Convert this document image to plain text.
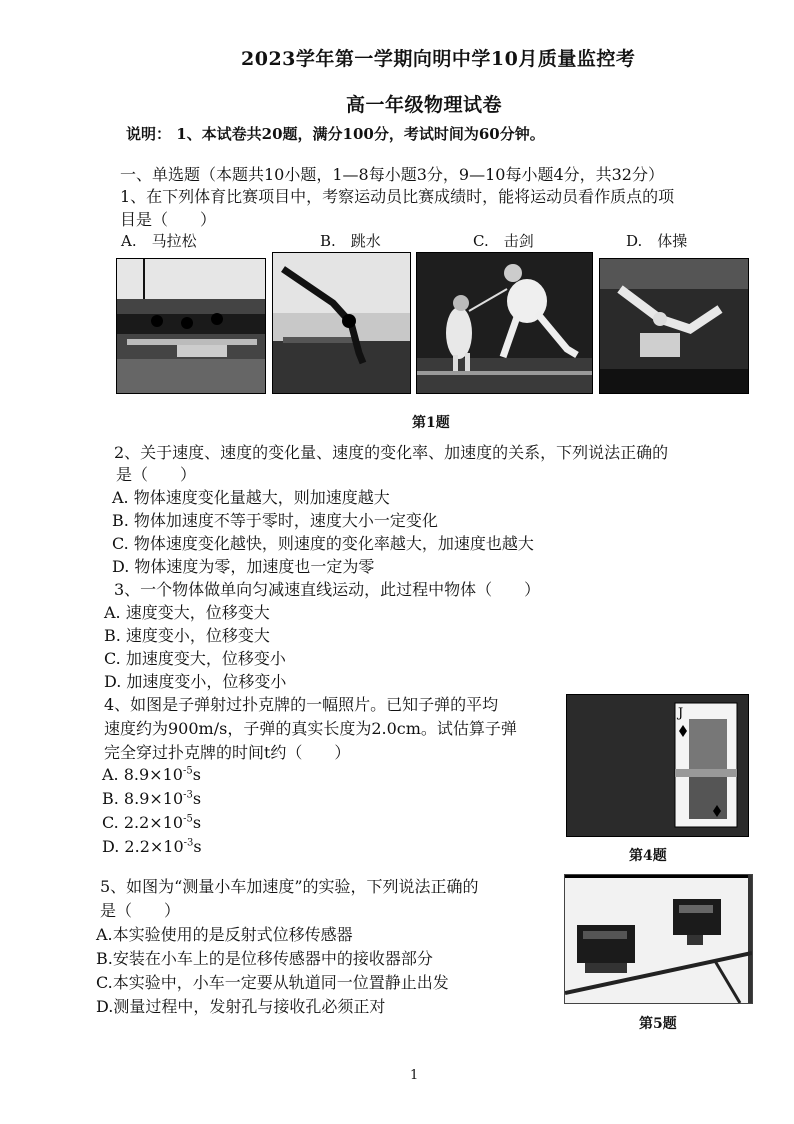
2023学年第一学期向明中学10月质量监控考
高一年级物理试卷
说明： 1、本试卷共20题，满分100分，考试时间为60分钟。
一、单选题（本题共10小题，1—8每小题3分，9—10每小题4分，共32分）
1、在下列体育比赛项目中，考察运动员比赛成绩时，能将运动员看作质点的项
目是（　　）
A.　马拉松	B.　跳水	C.　击剑	D.　体操
第1题
2、关于速度、速度的变化量、速度的变化率、加速度的关系，下列说法正确的
是（　　）
A. 物体速度变化量越大，则加速度越大
B. 物体加速度不等于零时，速度大小一定变化
C. 物体速度变化越快，则速度的变化率越大，加速度也越大
D. 物体速度为零，加速度也一定为零
3、一个物体做单向匀减速直线运动，此过程中物体（　　）
A. 速度变大，位移变大
B. 速度变小，位移变大
C. 加速度变大，位移变小
D. 加速度变小，位移变小
4、如图是子弹射过扑克牌的一幅照片。已知子弹的平均
速度约为900m/s，子弹的真实长度为2.0cm。试估算子弹
完全穿过扑克牌的时间t约（　　）
A. $8.9\times 10^{-5}s$
B. $8.9\times 10^{-3}s$
C. $2.2\times 10^{-5}s$
D. $2.2\times 10^{-3}s$
J
第4题
5、如图为“测量小车加速度”的实验，下列说法正确的
是（　　）
A.本实验使用的是反射式位移传感器
B.安装在小车上的是位移传感器中的接收器部分
C.本实验中，小车一定要从轨道同一位置静止出发
D.测量过程中，发射孔与接收孔必须正对
第5题
1
